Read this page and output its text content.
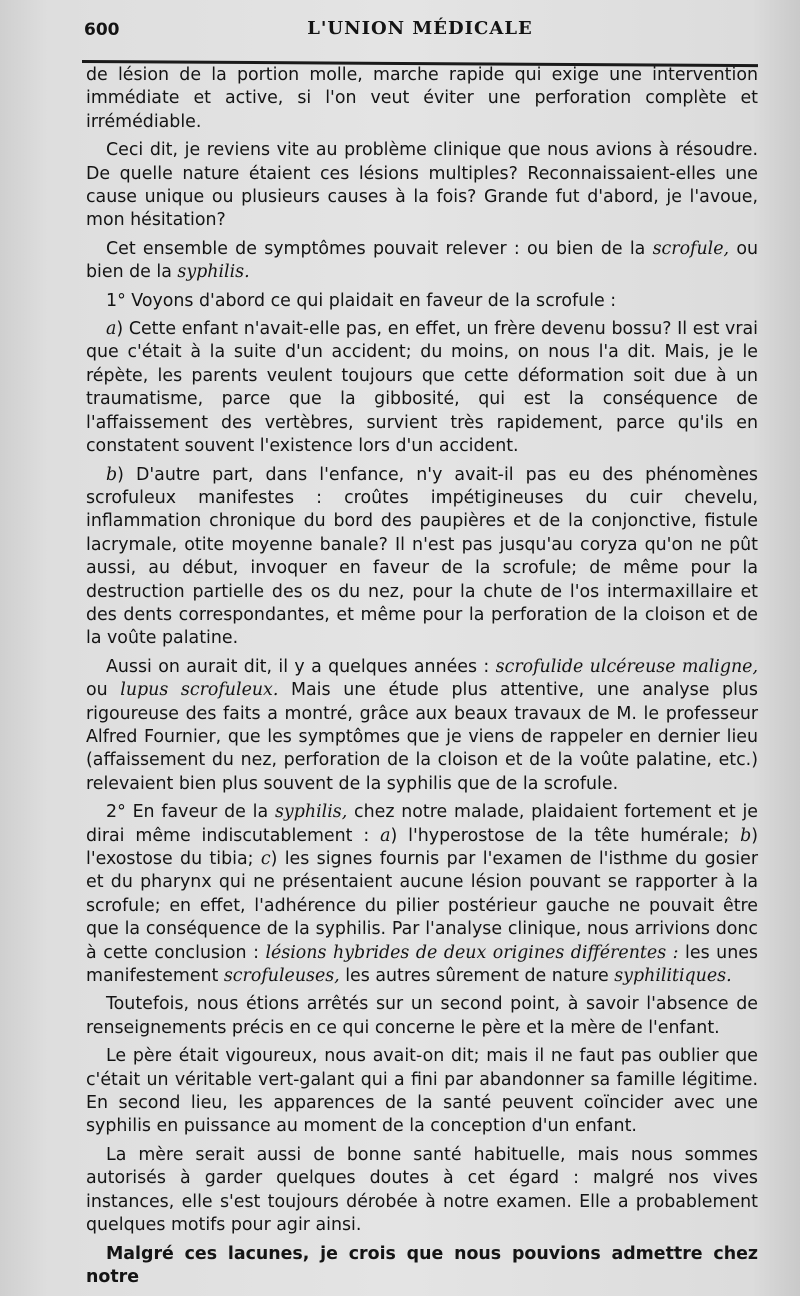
600	L'UNION MÉDICALE

de lésion de la portion molle, marche rapide qui exige une intervention immédiate et active, si l'on veut éviter une perforation complète et irrémédiable.

Ceci dit, je reviens vite au problème clinique que nous avions à résoudre. De quelle nature étaient ces lésions multiples? Reconnaissaient-elles une cause unique ou plusieurs causes à la fois? Grande fut d'abord, je l'avoue, mon hésitation?

Cet ensemble de symptômes pouvait relever : ou bien de la scrofule, ou bien de la syphilis.

1° Voyons d'abord ce qui plaidait en faveur de la scrofule :

a) Cette enfant n'avait-elle pas, en effet, un frère devenu bossu? Il est vrai que c'était à la suite d'un accident; du moins, on nous l'a dit. Mais, je le répète, les parents veulent toujours que cette déformation soit due à un traumatisme, parce que la gibbosité, qui est la conséquence de l'affaissement des vertèbres, survient très rapidement, parce qu'ils en constatent souvent l'existence lors d'un accident.

b) D'autre part, dans l'enfance, n'y avait-il pas eu des phénomènes scrofuleux manifestes : croûtes impétigineuses du cuir chevelu, inflammation chronique du bord des paupières et de la conjonctive, fistule lacrymale, otite moyenne banale? Il n'est pas jusqu'au coryza qu'on ne pût aussi, au début, invoquer en faveur de la scrofule; de même pour la destruction partielle des os du nez, pour la chute de l'os intermaxillaire et des dents correspondantes, et même pour la perforation de la cloison et de la voûte palatine.

Aussi on aurait dit, il y a quelques années : scrofulide ulcéreuse maligne, ou lupus scrofuleux. Mais une étude plus attentive, une analyse plus rigoureuse des faits a montré, grâce aux beaux travaux de M. le professeur Alfred Fournier, que les symptômes que je viens de rappeler en dernier lieu (affaissement du nez, perforation de la cloison et de la voûte palatine, etc.) relevaient bien plus souvent de la syphilis que de la scrofule.

2° En faveur de la syphilis, chez notre malade, plaidaient fortement et je dirai même indiscutablement : a) l'hyperostose de la tête humérale; b) l'exostose du tibia; c) les signes fournis par l'examen de l'isthme du gosier et du pharynx qui ne présentaient aucune lésion pouvant se rapporter à la scrofule; en effet, l'adhérence du pilier postérieur gauche ne pouvait être que la conséquence de la syphilis. Par l'analyse clinique, nous arrivions donc à cette conclusion : lésions hybrides de deux origines différentes : les unes manifestement scrofuleuses, les autres sûrement de nature syphilitiques.

Toutefois, nous étions arrêtés sur un second point, à savoir l'absence de renseignements précis en ce qui concerne le père et la mère de l'enfant.

Le père était vigoureux, nous avait-on dit; mais il ne faut pas oublier que c'était un véritable vert-galant qui a fini par abandonner sa famille légitime. En second lieu, les apparences de la santé peuvent coïncider avec une syphilis en puissance au moment de la conception d'un enfant.

La mère serait aussi de bonne santé habituelle, mais nous sommes autorisés à garder quelques doutes à cet égard : malgré nos vives instances, elle s'est toujours dérobée à notre examen. Elle a probablement quelques motifs pour agir ainsi.

Malgré ces lacunes, je crois que nous pouvions admettre chez notre
